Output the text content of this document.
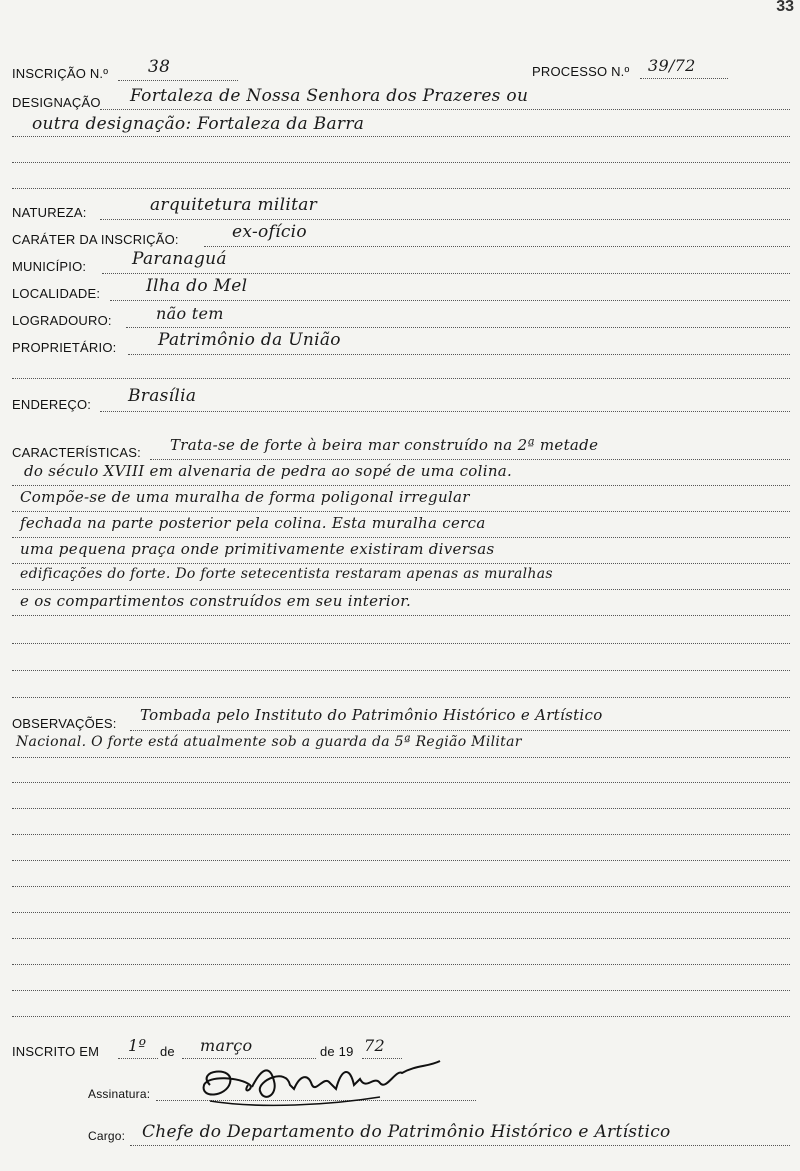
33
INSCRIÇÃO N.º 38	PROCESSO N.º 39/72
DESIGNAÇÃO Fortaleza de Nossa Senhora dos Prazeres ou
outra designação: Fortaleza da Barra
NATUREZA:	arquitetura militar
CARÁTER DA INSCRIÇÃO:	ex-ofício
MUNICÍPIO:	Paranaguá
LOCALIDADE:	Ilha do Mel
LOGRADOURO:	não tem
PROPRIETÁRIO: Patrimônio da União
ENDEREÇO: Brasília
CARACTERÍSTICAS: Trata-se de forte à beira mar construído na 2ª metade
do século XVIII em alvenaria de pedra ao sopé de uma colina.
Compõe-se de uma muralha de forma poligonal irregular
fechada na parte posterior pela colina. Esta muralha cerca
uma pequena praça onde primitivamente existiram diversas
edificações do forte. Do forte setecentista restaram apenas as muralhas
e os compartimentos construídos em seu interior.
OBSERVAÇÕES: Tombada pelo Instituto do Patrimônio Histórico e Artístico
Nacional. O forte está atualmente sob a guarda da 5ª Região Militar
INSCRITO EM 1º de março	de 19 72
Assinatura:
Cargo: Chefe do Departamento do Patrimônio Histórico e Artístico
